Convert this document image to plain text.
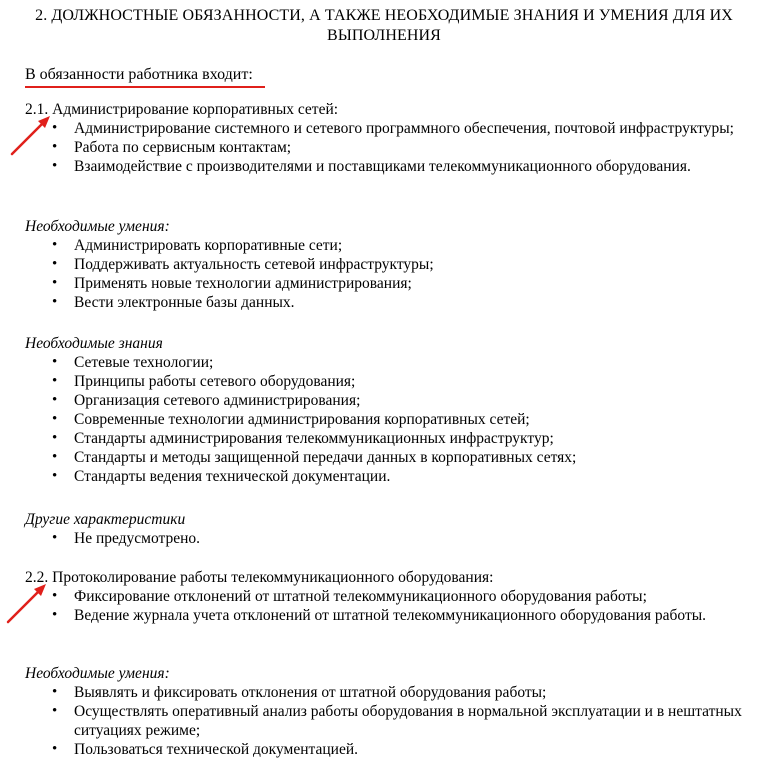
2. ДОЛЖНОСТНЫЕ ОБЯЗАННОСТИ, А ТАКЖЕ НЕОБХОДИМЫЕ ЗНАНИЯ И УМЕНИЯ ДЛЯ ИХ ВЫПОЛНЕНИЯ
В обязанности работника входит:
2.1. Администрирование корпоративных сетей:
• Администрирование системного и сетевого программного обеспечения, почтовой инфраструктуры;
• Работа по сервисным контактам;
• Взаимодействие с производителями и поставщиками телекоммуникационного оборудования.
Необходимые умения:
• Администрировать корпоративные сети;
• Поддерживать актуальность сетевой инфраструктуры;
• Применять новые технологии администрирования;
• Вести электронные базы данных.
Необходимые знания
• Сетевые технологии;
• Принципы работы сетевого оборудования;
• Организация сетевого администрирования;
• Современные технологии администрирования корпоративных сетей;
• Стандарты администрирования телекоммуникационных инфраструктур;
• Стандарты и методы защищенной передачи данных в корпоративных сетях;
• Стандарты ведения технической документации.
Другие характеристики
• Не предусмотрено.
2.2. Протоколирование работы телекоммуникационного оборудования:
• Фиксирование отклонений от штатной телекоммуникационного оборудования работы;
• Ведение журнала учета отклонений от штатной телекоммуникационного оборудования работы.
Необходимые умения:
• Выявлять и фиксировать отклонения от штатной оборудования работы;
• Осуществлять оперативный анализ работы оборудования в нормальной эксплуатации и в нештатных ситуациях режиме;
• Пользоваться технической документацией.
